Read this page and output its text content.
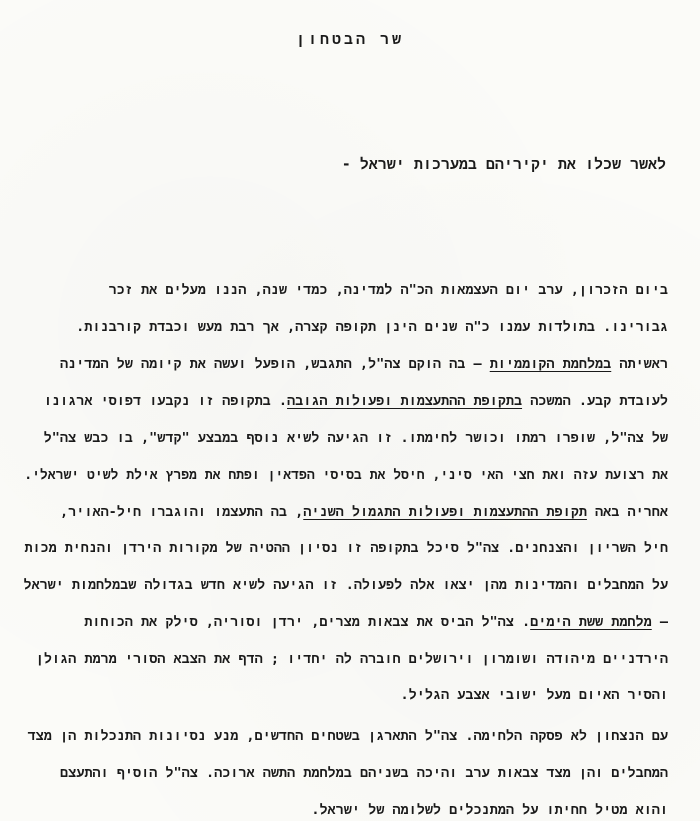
שר הבטחון
לאשר שכלו את יקיריהם במערכות ישראל -
ביום הזכרון, ערב יום העצמאות הכ"ה למדינה, כמדי שנה, הננו מעלים את זכר
גבורינו. בתולדות עמנו כ"ה שנים הינן תקופה קצרה, אך רבת מעש וכבדת קורבנות.
ראשיתה במלחמת הקוממיות – בה הוקם צה"ל, התגבש, הופעל ועשה את קיומה של המדינה
לעובדת קבע. המשכה בתקופת ההתעצמות ופעולות הגובה. בתקופה זו נקבעו דפוסי ארגונו
של צה"ל, שופרו רמתו וכושר לחימתו. זו הגיעה לשיא נוסף במבצע "קדש", בו כבש צה"ל
את רצועת עזה ואת חצי האי סיני, חיסל את בסיסי הפדאין ופתח את מפרץ אילת לשיט ישראלי.
אחריה באה תקופת ההתעצמות ופעולות התגמול השניה, בה התעצמו והוגברו חיל-האויר,
חיל השריון והצנחנים. צה"ל סיכל בתקופה זו נסיון ההטיה של מקורות הירדן והנחית מכות
על המחבלים והמדינות מהן יצאו אלה לפעולה. זו הגיעה לשיא חדש בגדולה שבמלחמות ישראל
– מלחמת ששת הימים. צה"ל הביס את צבאות מצרים, ירדן וסוריה, סילק את הכוחות
הירדניים מיהודה ושומרון וירושלים חוברה לה יחדיו ; הדף את הצבא הסורי מרמת הגולן
והסיר האיום מעל ישובי אצבע הגליל.
עם הנצחון לא פסקה הלחימה. צה"ל התארגן בשטחים החדשים, מנע נסיונות התנכלות הן מצד
המחבלים והן מצד צבאות ערב והיכה בשניהם במלחמת התשה ארוכה. צה"ל הוסיף והתעצם
והוא מטיל חחיתו על המתנכלים לשלומה של ישראל.
